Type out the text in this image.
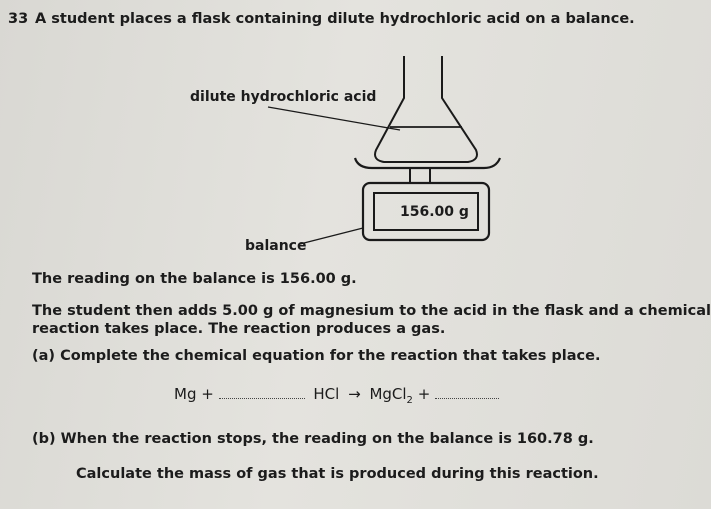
33 A student places a flask containing dilute hydrochloric acid on a balance.
dilute hydrochloric acid
balance
156.00 g
The reading on the balance is 156.00 g.
The student then adds 5.00 g of magnesium to the acid in the flask and a chemical
reaction takes place. The reaction produces a gas.
(a) Complete the chemical equation for the reaction that takes place.
Mg +	HCl → MgCl$_2$ +
(b) When the reaction stops, the reading on the balance is 160.78 g.
Calculate the mass of gas that is produced during this reaction.
